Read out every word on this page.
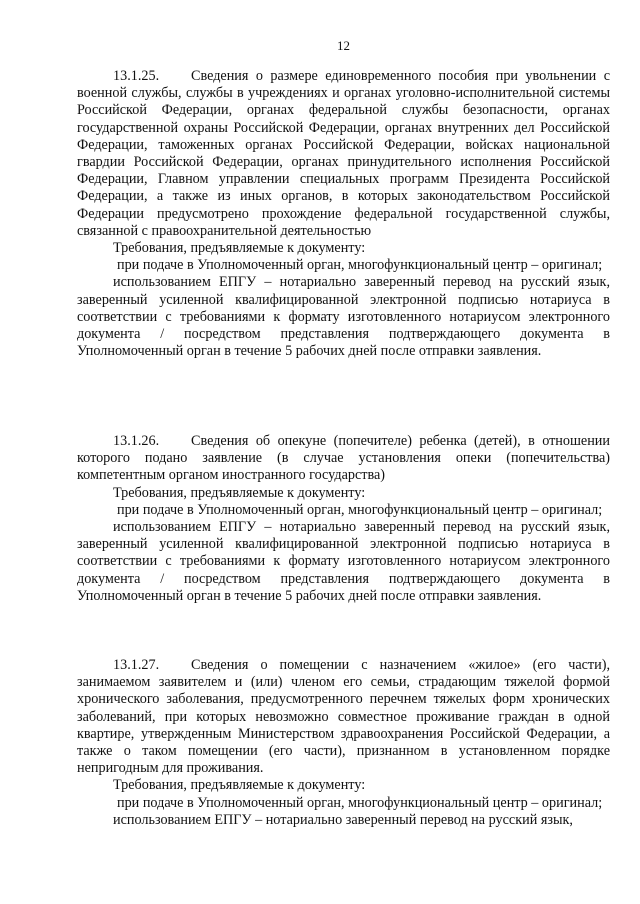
12

13.1.25. Сведения о размере единовременного пособия при увольнении с военной службы, службы в учреждениях и органах уголовно-исполнительной системы Российской Федерации, органах федеральной службы безопасности, органах государственной охраны Российской Федерации, органах внутренних дел Российской Федерации, таможенных органах Российской Федерации, войсках национальной гвардии Российской Федерации, органах принудительного исполнения Российской Федерации, Главном управлении специальных программ Президента Российской Федерации, а также из иных органов, в которых законодательством Российской Федерации предусмотрено прохождение федеральной государственной службы, связанной с правоохранительной деятельностью

Требования, предъявляемые к документу:

при подаче в Уполномоченный орган, многофункциональный центр – оригинал;

использованием ЕПГУ – нотариально заверенный перевод на русский язык, заверенный усиленной квалифицированной электронной подписью нотариуса в соответствии с требованиями к формату изготовленного нотариусом электронного документа / посредством представления подтверждающего документа в Уполномоченный орган в течение 5 рабочих дней после отправки заявления.

13.1.26. Сведения об опекуне (попечителе) ребенка (детей), в отношении которого подано заявление (в случае установления опеки (попечительства) компетентным органом иностранного государства)

Требования, предъявляемые к документу:

при подаче в Уполномоченный орган, многофункциональный центр – оригинал;

использованием ЕПГУ – нотариально заверенный перевод на русский язык, заверенный усиленной квалифицированной электронной подписью нотариуса в соответствии с требованиями к формату изготовленного нотариусом электронного документа / посредством представления подтверждающего документа в Уполномоченный орган в течение 5 рабочих дней после отправки заявления.

13.1.27. Сведения о помещении с назначением «жилое» (его части), занимаемом заявителем и (или) членом его семьи, страдающим тяжелой формой хронического заболевания, предусмотренного перечнем тяжелых форм хронических заболеваний, при которых невозможно совместное проживание граждан в одной квартире, утвержденным Министерством здравоохранения Российской Федерации, а также о таком помещении (его части), признанном в установленном порядке непригодным для проживания.

Требования, предъявляемые к документу:

при подаче в Уполномоченный орган, многофункциональный центр – оригинал;

использованием ЕПГУ – нотариально заверенный перевод на русский язык,
